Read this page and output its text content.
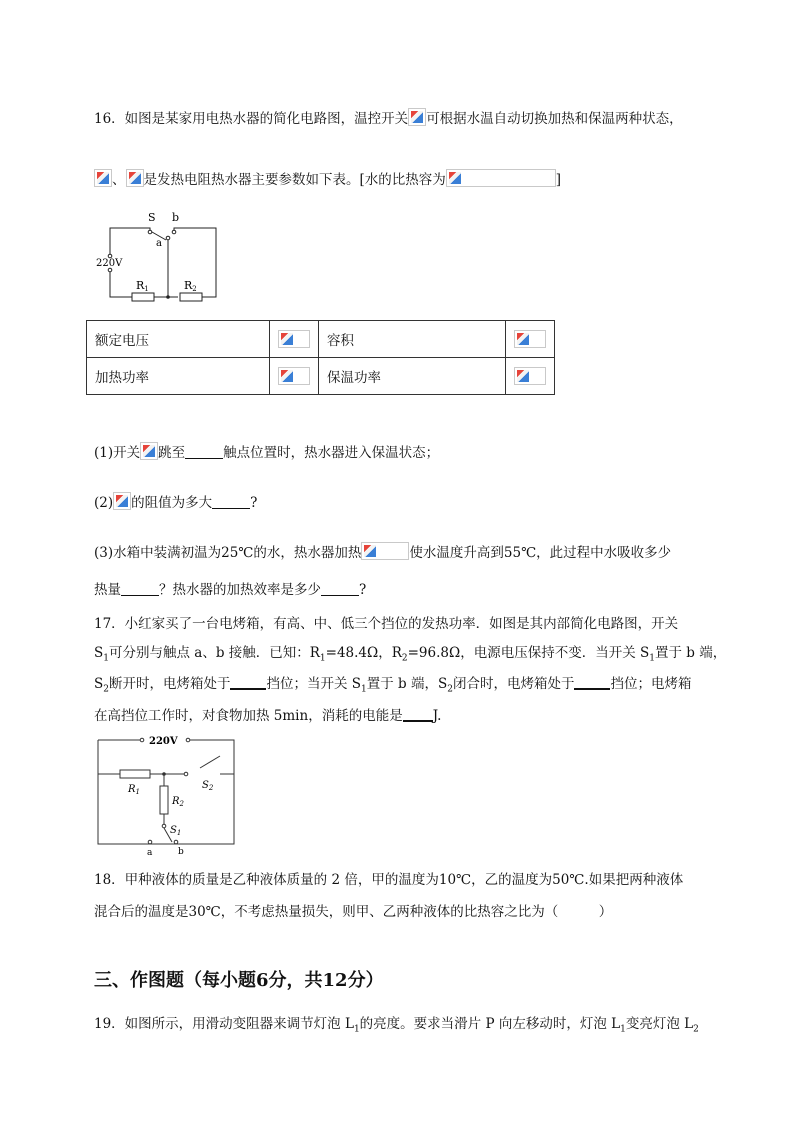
16．如图是某家用电热水器的简化电路图，温控开关 可根据水温自动切换加热和保温两种状态，
、 是发热电阻热水器主要参数如下表。[水的比热容为	]
S b
a
220V
R1	R2
额定电压		容积	
加热功率		保温功率	
(1)开关 跳至	触点位置时，热水器进入保温状态；
(2) 的阻值为多大	?
(3)水箱中装满初温为25℃的水，热水器加热	使水温度升高到55℃，此过程中水吸收多少
热量	？热水器的加热效率是多少	?
17．小红家买了一台电烤箱，有高、中、低三个挡位的发热功率．如图是其内部简化电路图，开关
$S_1$可分别与触点 a、b 接触．已知：$R_1=48.4\Omega$，$R_2=96.8\Omega$，电源电压保持不变．当开关 $S_1$置于 b 端，
$S_2$断开时，电烤箱处于	挡位；当开关 $S_1$置于 b 端，$S_2$闭合时，电烤箱处于	挡位；电烤箱
在高挡位工作时，对食物加热 5min，消耗的电能是 J.
220V
$R_1$
$R_2$
$S_2$
$S_1$
a	b
18．甲种液体的质量是乙种液体质量的 2 倍，甲的温度为10℃，乙的温度为50℃.如果把两种液体
混合后的温度是30℃，不考虑热量损失，则甲、乙两种液体的比热容之比为（　　　）
三、作图题（每小题6分，共12分）
19．如图所示，用滑动变阻器来调节灯泡 $L_1$的亮度。要求当滑片 P 向左移动时，灯泡 $L_1$变亮灯泡 $L_2$
